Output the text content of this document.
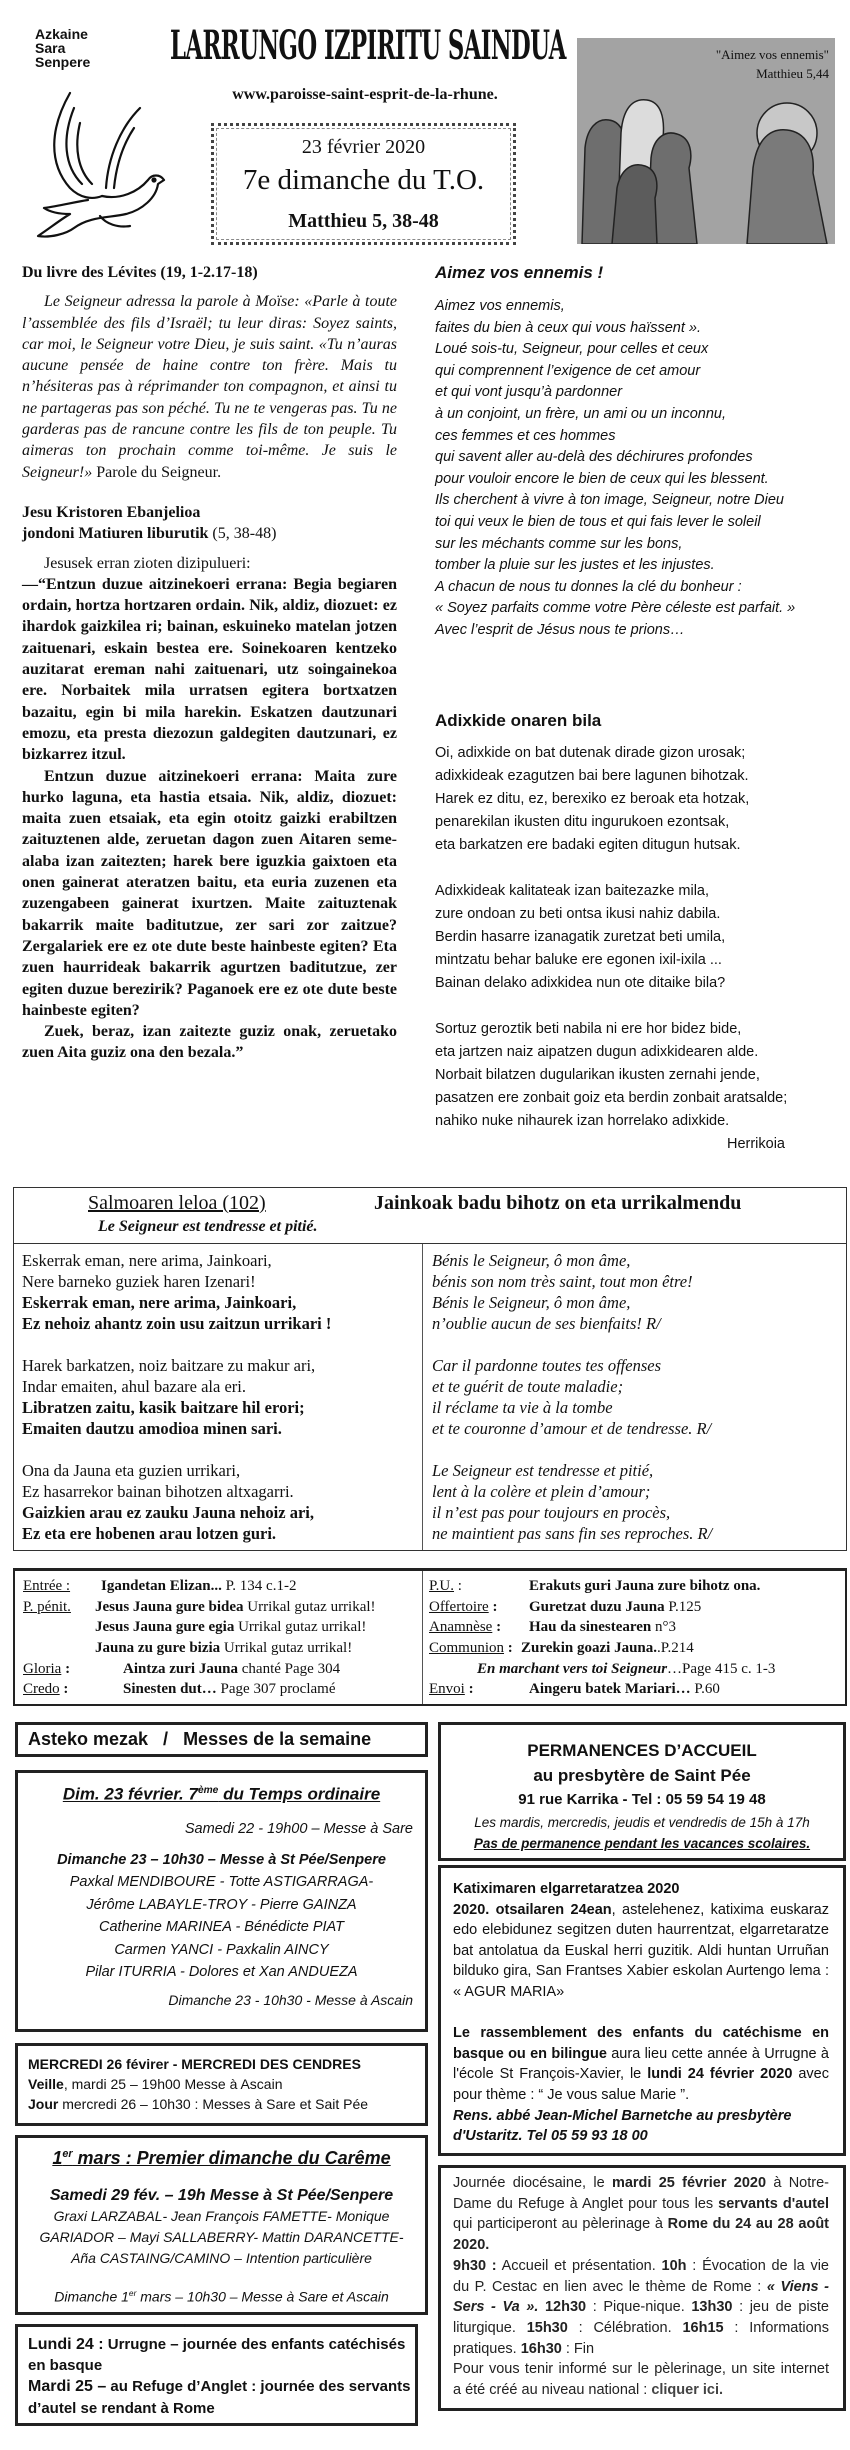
Azkaine
Sara
Senpere LARRUNGO IZPIRITU SAINDUA
www.paroisse-saint-esprit-de-la-rhune.
23 février 2020
7e dimanche du T.O.
Matthieu 5, 38-48
"Aimez vos ennemis"
Matthieu 5,44
Du livre des Lévites (19, 1-2.17-18)

Le Seigneur adressa la parole à Moïse: «Parle à toute l’assemblée des fils d’Israël; tu leur diras: Soyez saints, car moi, le Seigneur votre Dieu, je suis saint. «Tu n’auras aucune pensée de haine contre ton frère. Mais tu n’hésiteras pas à réprimander ton compagnon, et ainsi tu ne partageras pas son péché. Tu ne te vengeras pas. Tu ne garderas pas de rancune contre les fils de ton peuple. Tu aimeras ton prochain comme toi-même. Je suis le Seigneur!» Parole du Seigneur.

Jesu Kristoren Ebanjelioa
jondoni Matiuren liburutik (5, 38-48)

Jesusek erran zioten dizipulueri:

—“Entzun duzue aitzinekoeri errana: Begia begiaren ordain, hortza hortzaren ordain. Nik, aldiz, diozuet: ez ihardok gaizkilea ri; bainan, eskuineko matelan jotzen zaituenari, eskain bestea ere. Soinekoaren kentzeko auzitarat ereman nahi zaituenari, utz soingainekoa ere. Norbaitek mila urratsen egitera bortxatzen bazaitu, egin bi mila harekin. Eskatzen dautzunari emozu, eta presta diezozun galdegiten dautzunari, ez bizkarrez itzul.

Entzun duzue aitzinekoeri errana: Maita zure hurko laguna, eta hastia etsaia. Nik, aldiz, diozuet: maita zuen etsaiak, eta egin otoitz gaizki erabiltzen zaituztenen alde, zeruetan dagon zuen Aitaren seme-alaba izan zaitezten; harek bere iguzkia gaixtoen eta onen gainerat ateratzen baitu, eta euria zuzenen eta zuzengabeen gainerat ixurtzen. Maite zaituztenak bakarrik maite baditutzue, zer sari zor zaitzue? Zergalariek ere ez ote dute beste hainbeste egiten? Eta zuen haurrideak bakarrik agurtzen baditutzue, zer egiten duzue berezirik? Paganoek ere ez ote dute beste hainbeste egiten?

Zuek, beraz, izan zaitezte guziz onak, zeruetako zuen Aita guziz ona den bezala.”

Aimez vos ennemis !
Aimez vos ennemis,
faites du bien à ceux qui vous haïssent ».
Loué sois-tu, Seigneur, pour celles et ceux
qui comprennent l’exigence de cet amour
et qui vont jusqu’à pardonner
à un conjoint, un frère, un ami ou un inconnu,
ces femmes et ces hommes
qui savent aller au-delà des déchirures profondes
pour vouloir encore le bien de ceux qui les blessent.
Ils cherchent à vivre à ton image, Seigneur, notre Dieu
toi qui veux le bien de tous et qui fais lever le soleil
sur les méchants comme sur les bons,
tomber la pluie sur les justes et les injustes.
A chacun de nous tu donnes la clé du bonheur :
« Soyez parfaits comme votre Père céleste est parfait. »
Avec l’esprit de Jésus nous te prions…
Adixkide onaren bila
Oi, adixkide on bat dutenak dirade gizon urosak;
adixkideak ezagutzen bai bere lagunen bihotzak.
Harek ez ditu, ez, berexiko ez beroak eta hotzak,
penarekilan ikusten ditu ingurukoen ezontsak,
eta barkatzen ere badaki egiten ditugun hutsak.
Adixkideak kalitateak izan baitezazke mila,
zure ondoan zu beti ontsa ikusi nahiz dabila.
Berdin hasarre izanagatik zuretzat beti umila,
mintzatu behar baluke ere egonen ixil-ixila ...
Bainan delako adixkidea nun ote ditaike bila?
Sortuz geroztik beti nabila ni ere hor bidez bide,
eta jartzen naiz aipatzen dugun adixkidearen alde.
Norbait bilatzen dugularikan ikusten zernahi jende,
pasatzen ere zonbait goiz eta berdin zonbait aratsalde;
nahiko nuke nihaurek izan horrelako adixkide.
Herrikoia
Salmoaren leloa (102)	Jainkoak badu bihotz on eta urrikalmendu
Le Seigneur est tendresse et pitié.
Eskerrak eman, nere arima, Jainkoari,
Nere barneko guziek haren Izenari!
Eskerrak eman, nere arima, Jainkoari,
Ez nehoiz ahantz zoin usu zaitzun urrikari !
Harek barkatzen, noiz baitzare zu makur ari,
Indar emaiten, ahul bazare ala eri.
Libratzen zaitu, kasik baitzare hil erori;
Emaiten dautzu amodioa minen sari.
Ona da Jauna eta guzien urrikari,
Ez hasarrekor bainan bihotzen altxagarri.
Gaizkien arau ez zauku Jauna nehoiz ari,
Ez eta ere hobenen arau lotzen guri.
Bénis le Seigneur, ô mon âme,
bénis son nom très saint, tout mon être!
Bénis le Seigneur, ô mon âme,
n’oublie aucun de ses bienfaits! R/
Car il pardonne toutes tes offenses
et te guérit de toute maladie;
il réclame ta vie à la tombe
et te couronne d’amour et de tendresse. R/
Le Seigneur est tendresse et pitié,
lent à la colère et plein d’amour;
il n’est pas pour toujours en procès,
ne maintient pas sans fin ses reproches. R/
Entrée : Igandetan Elizan... P. 134 c.1-2
P. pénit. Jesus Jauna gure bidea Urrikal gutaz urrikal!
Jesus Jauna gure egia Urrikal gutaz urrikal!
Jauna zu gure bizia Urrikal gutaz urrikal!
Gloria :	Aintza zuri Jauna chanté Page 304
Credo :	Sinesten dut… Page 307 proclamé
P.U. :	Erakuts guri Jauna zure bihotz ona.
Offertoire : Guretzat duzu Jauna P.125
Anamnèse : Hau da sinestearen n°3
Communion : Zurekin goazi Jauna..P.214
En marchant vers toi Seigneur…Page 415 c. 1-3
Envoi :	Aingeru batek Mariari… P.60
Asteko mezak   /   Messes de la semaine
Dim. 23 février. 7ème du Temps ordinaire
Samedi 22 - 19h00 – Messe à Sare
Dimanche 23 – 10h30 – Messe à St Pée/Senpere
Paxkal MENDIBOURE - Totte ASTIGARRAGA-
Jérôme LABAYLE-TROY - Pierre GAINZA
Catherine MARINEA - Bénédicte PIAT
Carmen YANCI - Paxkalin AINCY
Pilar ITURRIA - Dolores et Xan ANDUEZA
Dimanche 23 - 10h30 - Messe à Ascain
MERCREDI 26 févirer - MERCREDI DES CENDRES
Veille, mardi 25 – 19h00 Messe à Ascain
Jour mercredi 26 – 10h30 : Messes à Sare et Sait Pée
1er mars : Premier dimanche du Carême
Samedi 29 fév. – 19h Messe à St Pée/Senpere
Graxi LARZABAL- Jean François FAMETTE- Monique
GARIADOR – Mayi SALLABERRY- Mattin DARANCETTE-
Aña CASTAING/CAMINO – Intention particulière
Dimanche 1er mars – 10h30 – Messe à Sare et Ascain
Lundi 24 : Urrugne – journée des enfants catéchisés en basque
Mardi 25 – au Refuge d’Anglet : journée des servants d’autel se rendant à Rome
PERMANENCES D’ACCUEIL
au presbytère de Saint Pée
91 rue Karrika - Tel : 05 59 54 19 48
Les mardis, mercredis, jeudis et vendredis de 15h à 17h
Pas de permanence pendant les vacances scolaires.
Katiximaren elgarretaratzea 2020
2020. otsailaren 24ean, astelehenez, katixima euskaraz edo elebidunez segitzen duten haurrentzat, elgarretaratze bat antolatua da Euskal herri guzitik. Aldi huntan Urruñan bilduko gira, San Frantses Xabier eskolan Aurtengo lema : « AGUR MARIA»
Le rassemblement des enfants du catéchisme en basque ou en bilingue aura lieu cette année à Urrugne à l'école St François-Xavier, le lundi 24 février 2020 avec pour thème : “ Je vous salue Marie ”.
Rens. abbé Jean-Michel Barnetche au presbytère d'Ustaritz. Tel 05 59 93 18 00
Journée diocésaine, le mardi 25 février 2020 à Notre-Dame du Refuge à Anglet pour tous les servants d'autel qui participeront au pèlerinage à Rome du 24 au 28 août 2020.
9h30 : Accueil et présentation. 10h : Évocation de la vie du P. Cestac en lien avec le thème de Rome : « Viens - Sers - Va ». 12h30 : Pique-nique. 13h30 : jeu de piste liturgique. 15h30 : Célébration. 16h15 : Informations pratiques. 16h30 : Fin
Pour vous tenir informé sur le pèlerinage, un site internet a été créé au niveau national : cliquer ici.
